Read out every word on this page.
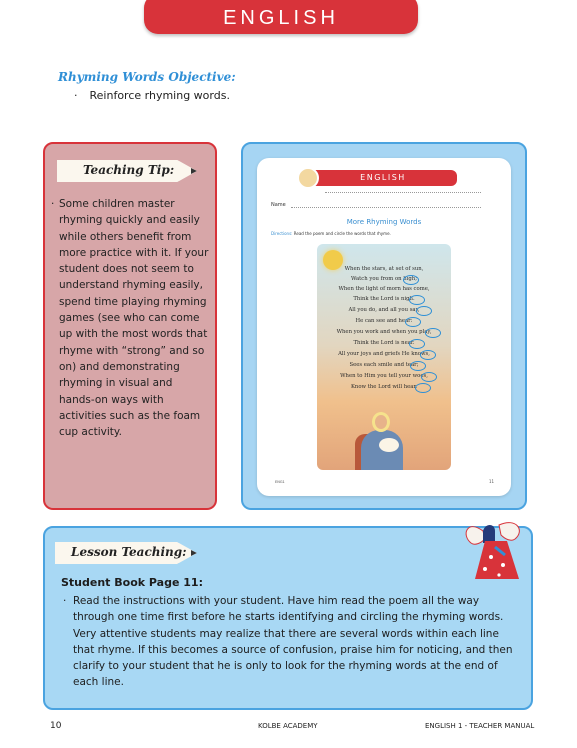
ENGLISH
Rhyming Words Objective:
· Reinforce rhyming words.
Teaching Tip:
· Some children master rhyming quickly and easily while others benefit from more practice with it. If your student does not seem to understand rhyming easily, spend time playing rhyming games (see who can come up with the most words that rhyme with “strong” and so on) and demonstrating rhyming in visual and hands-on ways with activities such as the foam cup activity.
ENGLISH
Name
More Rhyming Words
Directions: Read the poem and circle the words that rhyme.
When the stars, at set of sun,
Watch you from on high;
When the light of morn has come,
Think the Lord is nigh.
All you do, and all you say,
He can see and hear:
When you work and when you play,
Think the Lord is near.
All your joys and griefs He knows,
Sees each smile and tear;
When to Him you tell your woes,
Know the Lord will hear.
ENG1	11
Lesson Teaching:
Student Book Page 11:
· Read the instructions with your student. Have him read the poem all the way through one time first before he starts identifying and circling the rhyming words. Very attentive students may realize that there are several words within each line that rhyme. If this becomes a source of confusion, praise him for noticing, and then clarify to your student that he is only to look for the rhyming words at the end of each line.
10	KOLBE ACADEMY	ENGLISH 1 - TEACHER MANUAL
